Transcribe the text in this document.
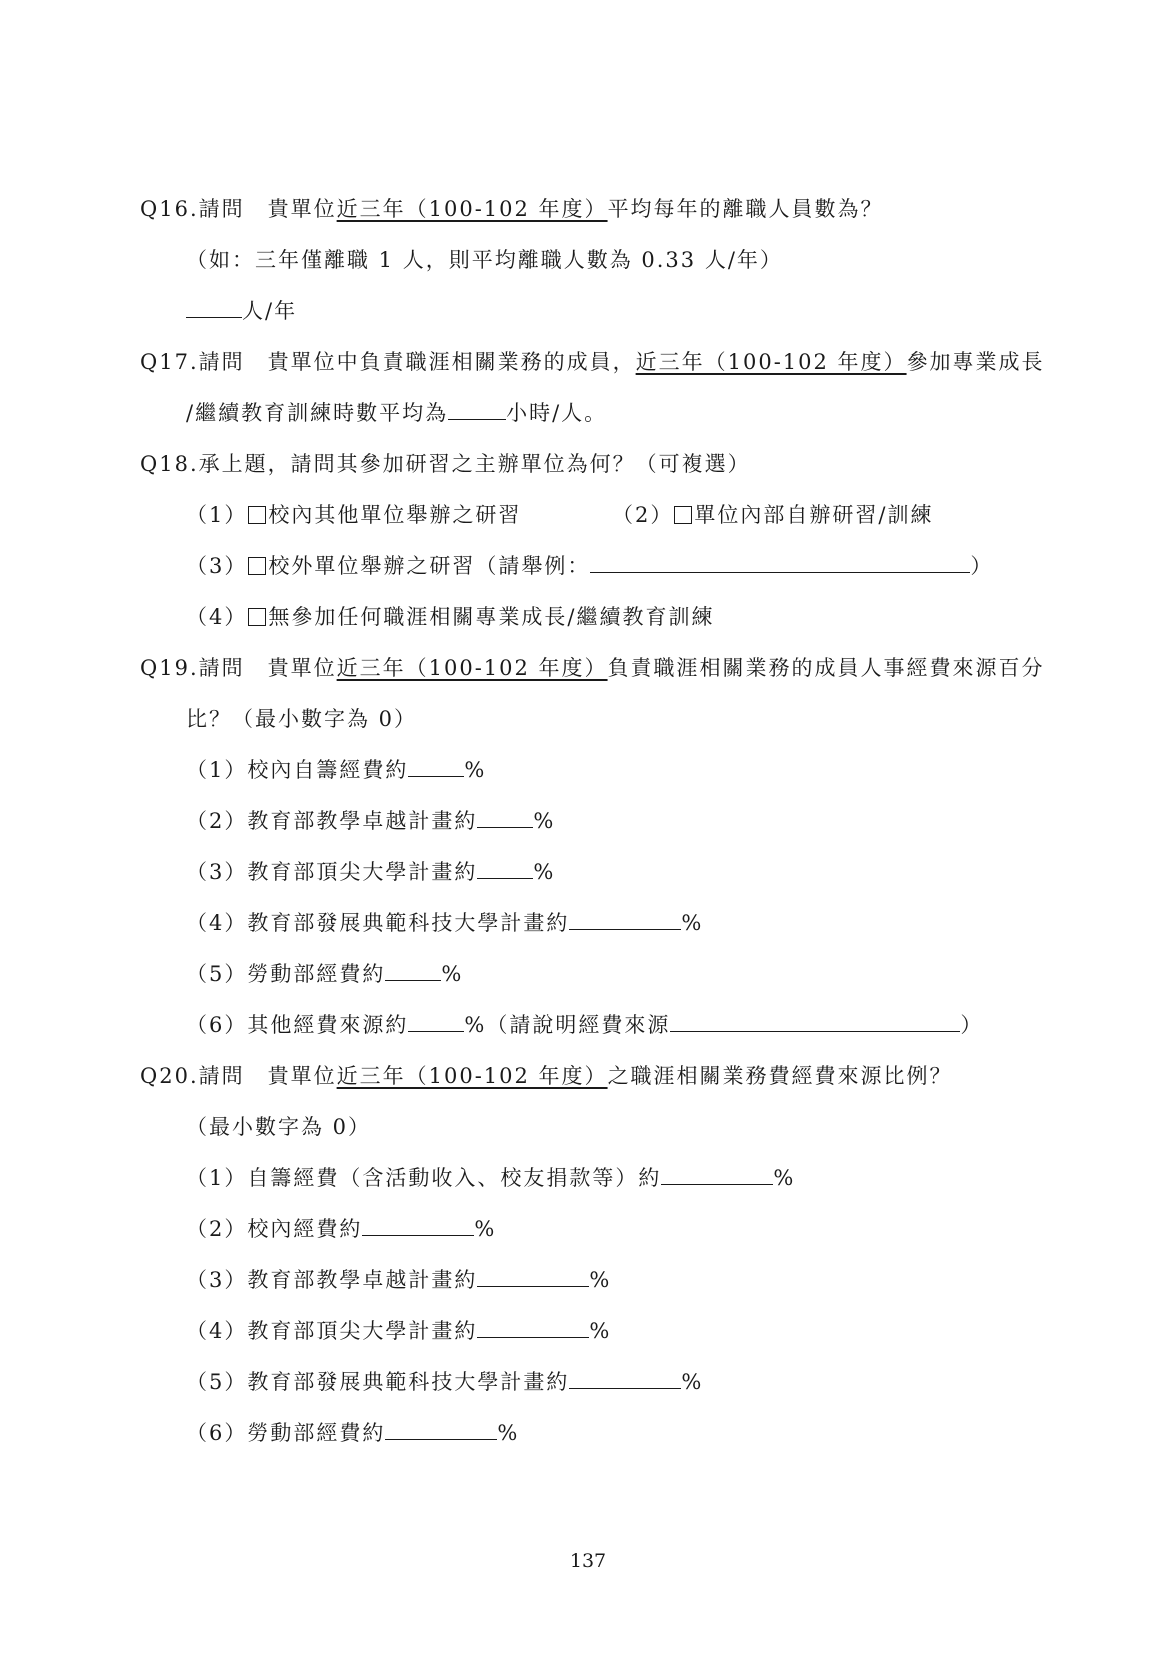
Q16.請問　貴單位近三年（100-102 年度）平均每年的離職人員數為？
（如：三年僅離職 1 人，則平均離職人數為 0.33 人/年）
人/年
Q17.請問　貴單位中負責職涯相關業務的成員，近三年（100-102 年度）參加專業成長
/繼續教育訓練時數平均為	小時/人。
Q18.承上題，請問其參加研習之主辦單位為何？（可複選）
（1） 校內其他單位舉辦之研習	（2） 單位內部自辦研習/訓練
（3） 校外單位舉辦之研習（請舉例：	）
（4） 無參加任何職涯相關專業成長/繼續教育訓練
Q19.請問　貴單位近三年（100-102 年度）負責職涯相關業務的成員人事經費來源百分
比？（最小數字為 0）
（1）校內自籌經費約	%
（2）教育部教學卓越計畫約	%
（3）教育部頂尖大學計畫約	%
（4）教育部發展典範科技大學計畫約	%
（5）勞動部經費約	%
（6）其他經費來源約	%（請說明經費來源	）
Q20.請問　貴單位近三年（100-102 年度）之職涯相關業務費經費來源比例？
（最小數字為 0）
（1）自籌經費（含活動收入、校友捐款等）約	%
（2）校內經費約	%
（3）教育部教學卓越計畫約	%
（4）教育部頂尖大學計畫約	%
（5）教育部發展典範科技大學計畫約	%
（6）勞動部經費約	%
137
